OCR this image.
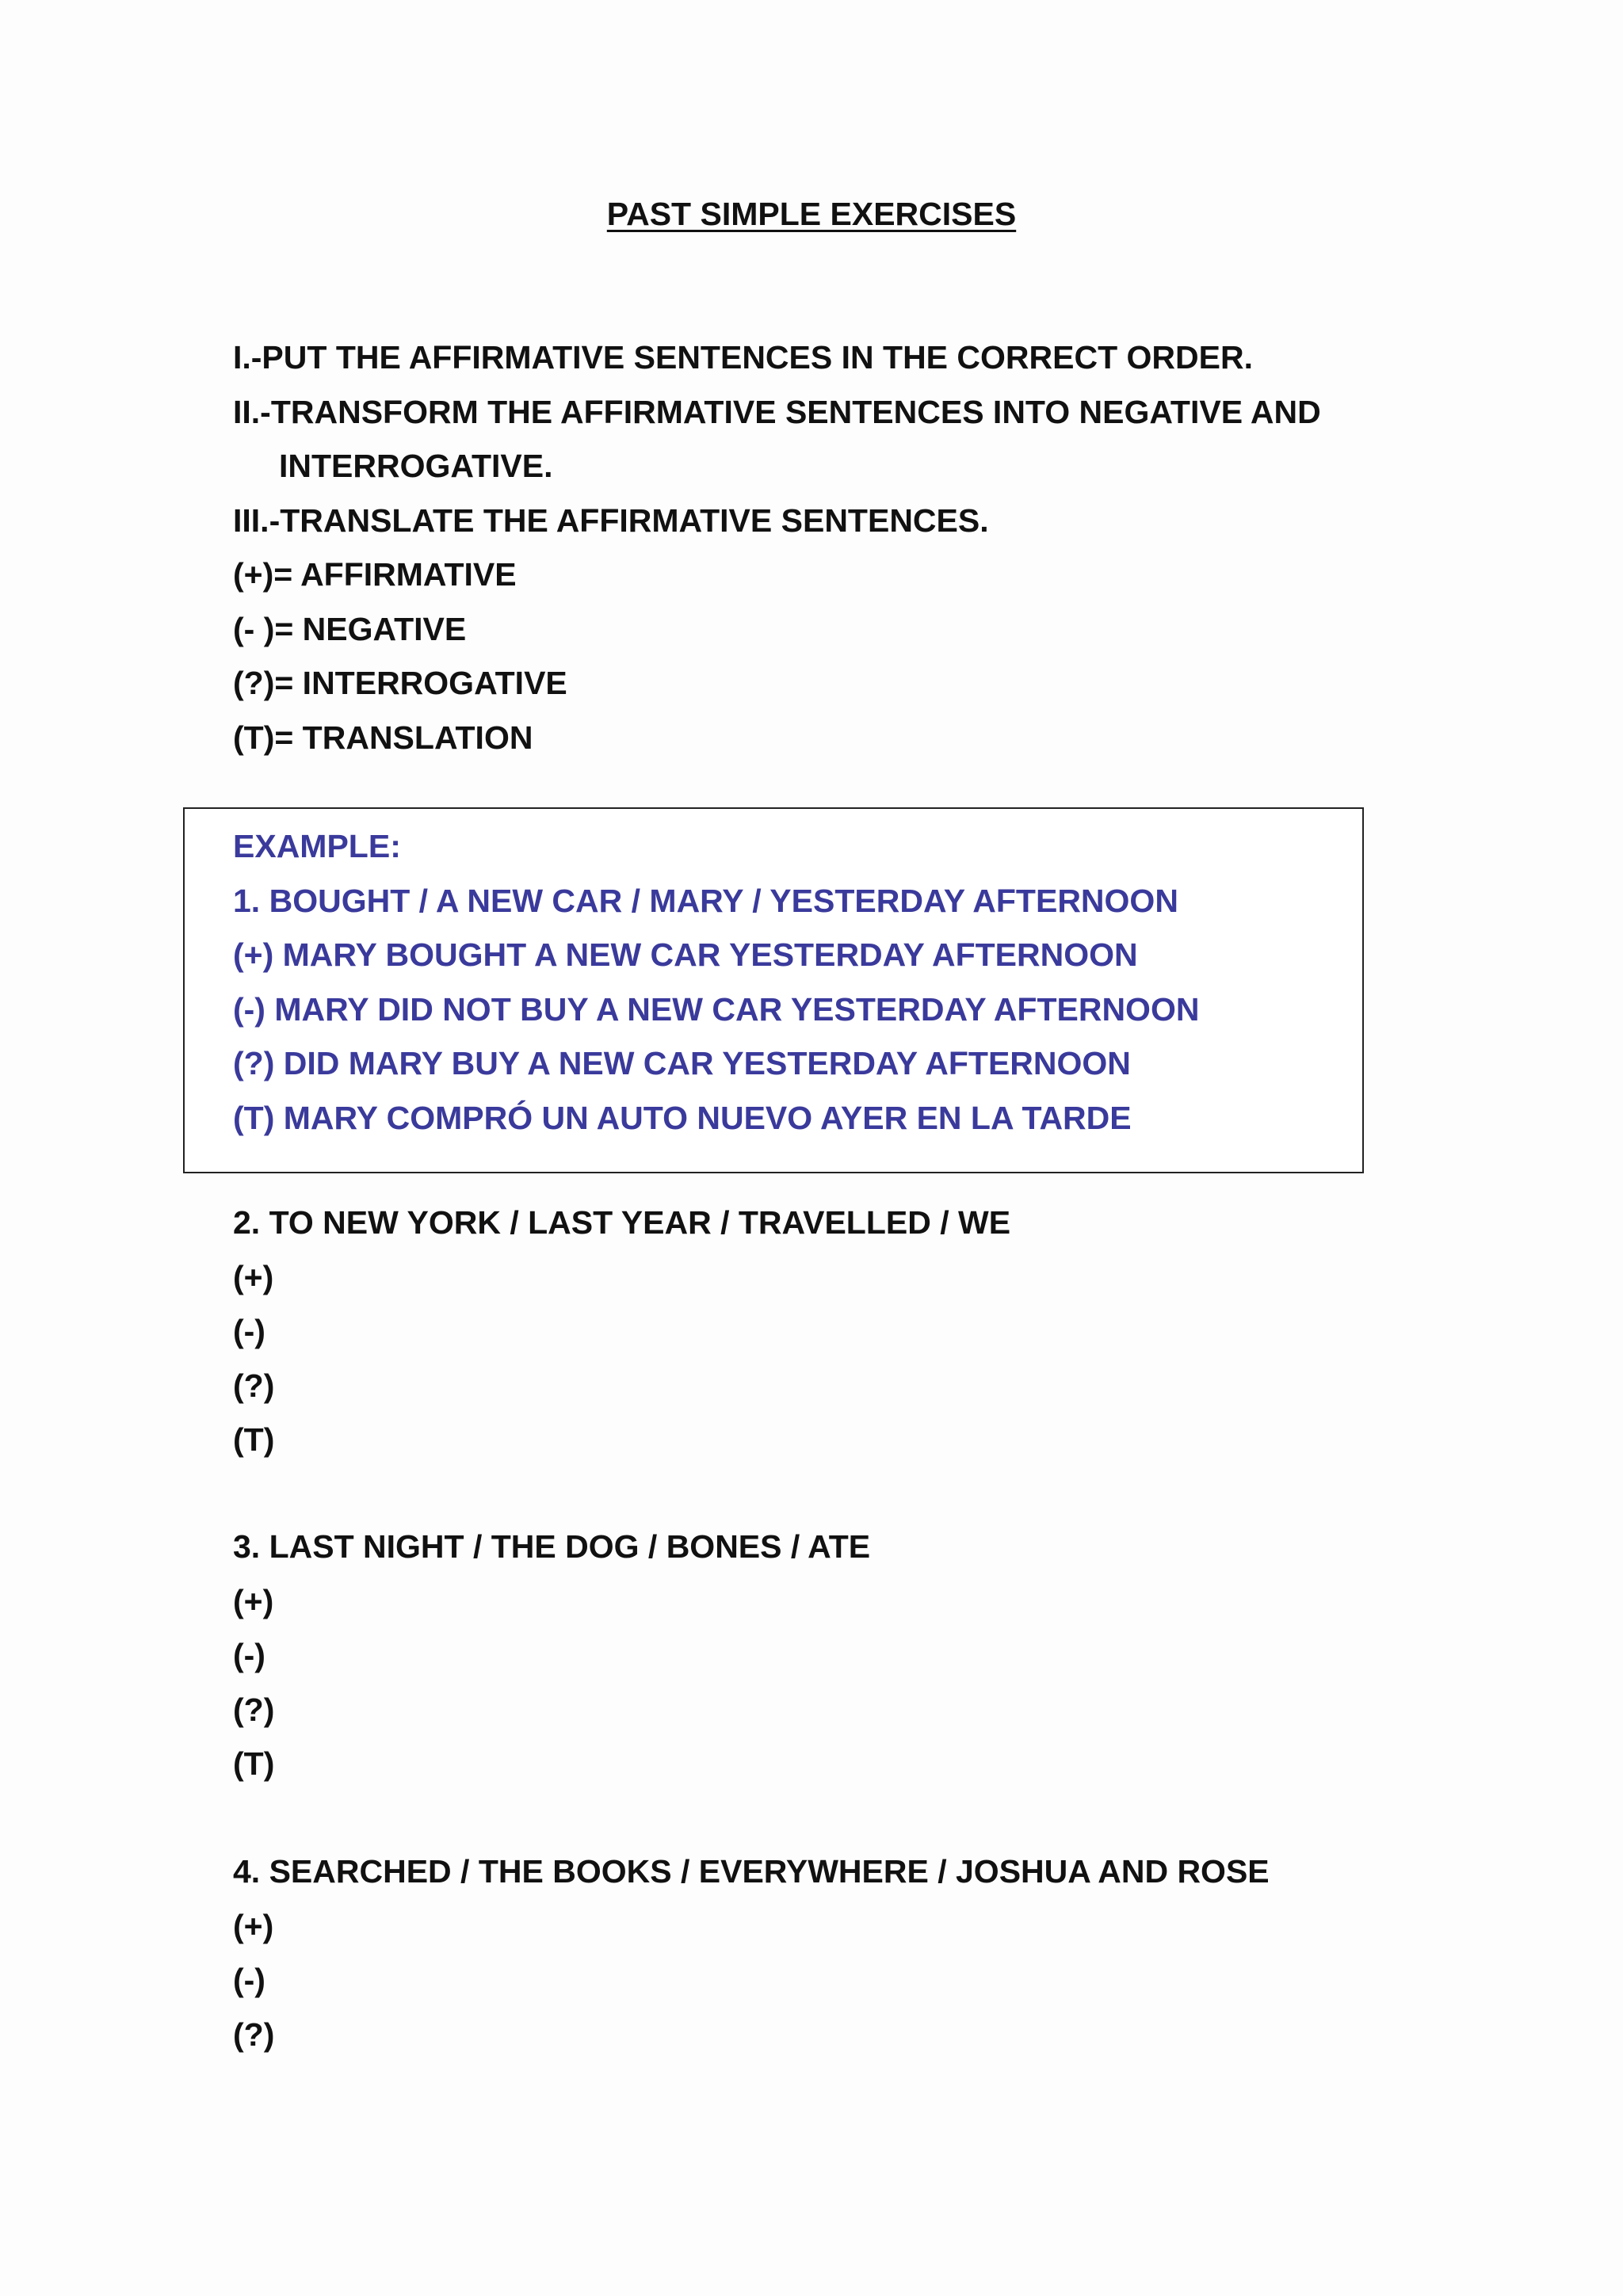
PAST SIMPLE EXERCISES
I.-PUT THE AFFIRMATIVE SENTENCES IN THE CORRECT ORDER.
II.-TRANSFORM THE AFFIRMATIVE SENTENCES INTO NEGATIVE AND
INTERROGATIVE.
III.-TRANSLATE THE AFFIRMATIVE SENTENCES.
(+)= AFFIRMATIVE
(- )= NEGATIVE
(?)= INTERROGATIVE
(T)= TRANSLATION
EXAMPLE:
1. BOUGHT / A NEW CAR / MARY / YESTERDAY AFTERNOON
(+) MARY BOUGHT A NEW CAR YESTERDAY AFTERNOON
(-) MARY DID NOT BUY A NEW CAR YESTERDAY AFTERNOON
(?) DID MARY BUY A NEW CAR YESTERDAY AFTERNOON
(T) MARY COMPRÓ UN AUTO NUEVO AYER EN LA TARDE
2. TO NEW YORK / LAST YEAR / TRAVELLED / WE
(+)
(-)
(?)
(T)
3. LAST NIGHT / THE DOG / BONES / ATE
(+)
(-)
(?)
(T)
4. SEARCHED / THE BOOKS / EVERYWHERE / JOSHUA AND ROSE
(+)
(-)
(?)
